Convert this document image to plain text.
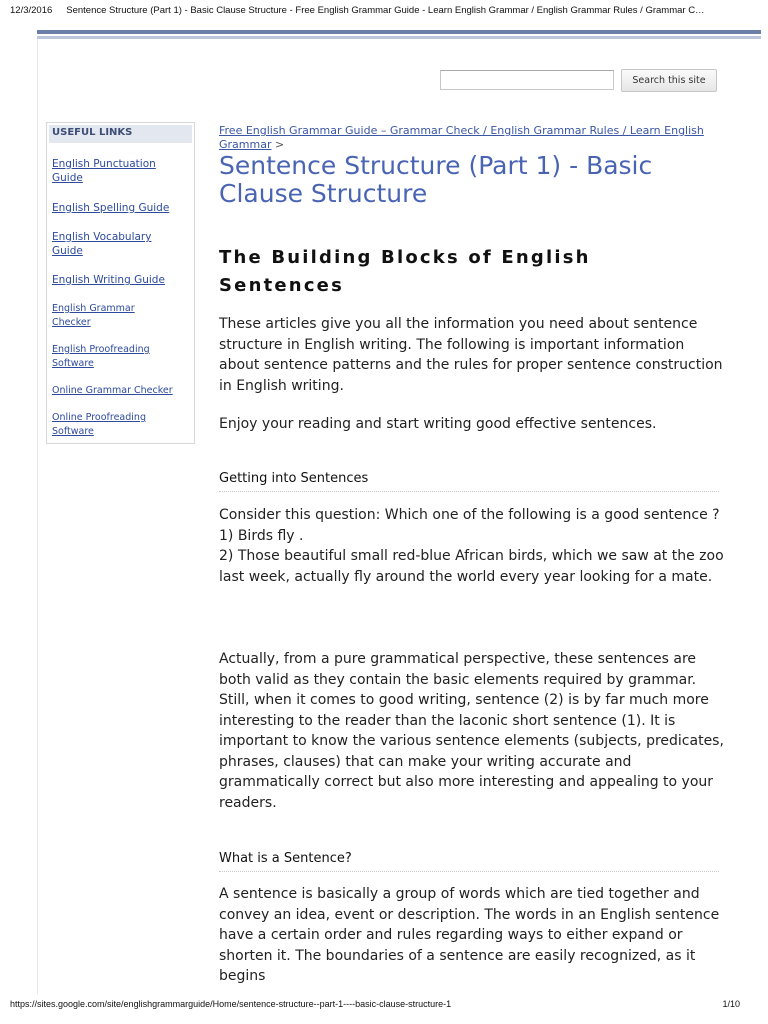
12/3/2016 Sentence Structure (Part 1) - Basic Clause Structure - Free English Grammar Guide - Learn English Grammar / English Grammar Rules / Grammar C…
Search this site
USEFUL LINKS
English Punctuation
Guide
English Spelling Guide
English Vocabulary
Guide
English Writing Guide
English Grammar
Checker
English Proofreading
Software
Online Grammar Checker
Online Proofreading
Software
Free English Grammar Guide – Grammar Check / English Grammar Rules / Learn English Grammar >
Sentence Structure (Part 1) - Basic Clause Structure
The Building Blocks of English Sentences
These articles give you all the information you need about sentence structure in English writing. The following is important information about sentence patterns and the rules for proper sentence construction in English writing.
Enjoy your reading and start writing good effective sentences.
Getting into Sentences
Consider this question: Which one of the following is a good sentence ?
1) Birds fly .
2) Those beautiful small red-blue African birds, which we saw at the zoo last week, actually fly around the world every year looking for a mate.
Actually, from a pure grammatical perspective, these sentences are both valid as they contain the basic elements required by grammar. Still, when it comes to good writing, sentence (2) is by far much more interesting to the reader than the laconic short sentence (1). It is important to know the various sentence elements (subjects, predicates, phrases, clauses) that can make your writing accurate and grammatically correct but also more interesting and appealing to your readers.
What is a Sentence?
A sentence is basically a group of words which are tied together and convey an idea, event or description. The words in an English sentence have a certain order and rules regarding ways to either expand or shorten it. The boundaries of a sentence are easily recognized, as it begins
https://sites.google.com/site/englishgrammarguide/Home/sentence-structure--part-1----basic-clause-structure-1	1/10
